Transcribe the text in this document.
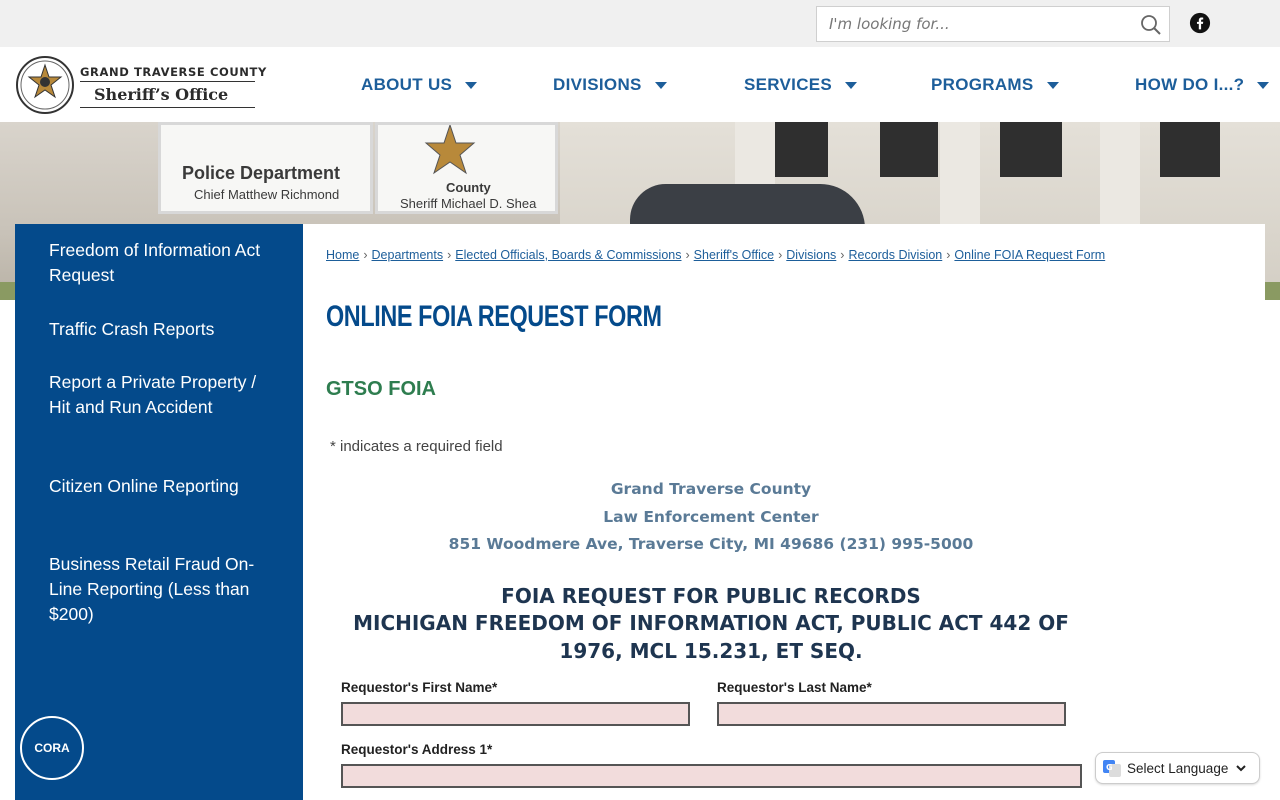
I'm looking for...
GRAND TRAVERSE COUNTY
Sheriff’s Office
ABOUT US	DIVISIONS	SERVICES	PROGRAMS	HOW DO I...?
Police Department
Chief Matthew Richmond	County
Sheriff Michael D. Shea
Freedom of Information Act Request
Traffic Crash Reports
Report a Private Property / Hit and Run Accident
Citizen Online Reporting
Business Retail Fraud On-Line Reporting (Less than $200)
CORA
Home › Departments › Elected Officials, Boards & Commissions › Sheriff's Office › Divisions › Records Division › Online FOIA Request Form
ONLINE FOIA REQUEST FORM
GTSO FOIA
* indicates a required field
Grand Traverse County
Law Enforcement Center
851 Woodmere Ave, Traverse City, MI 49686 (231) 995-5000
FOIA REQUEST FOR PUBLIC RECORDS
MICHIGAN FREEDOM OF INFORMATION ACT, PUBLIC ACT 442 OF 1976, MCL 15.231, ET SEQ.
Requestor's First Name*	Requestor's Last Name*
Requestor's Address 1*
G Select Language
